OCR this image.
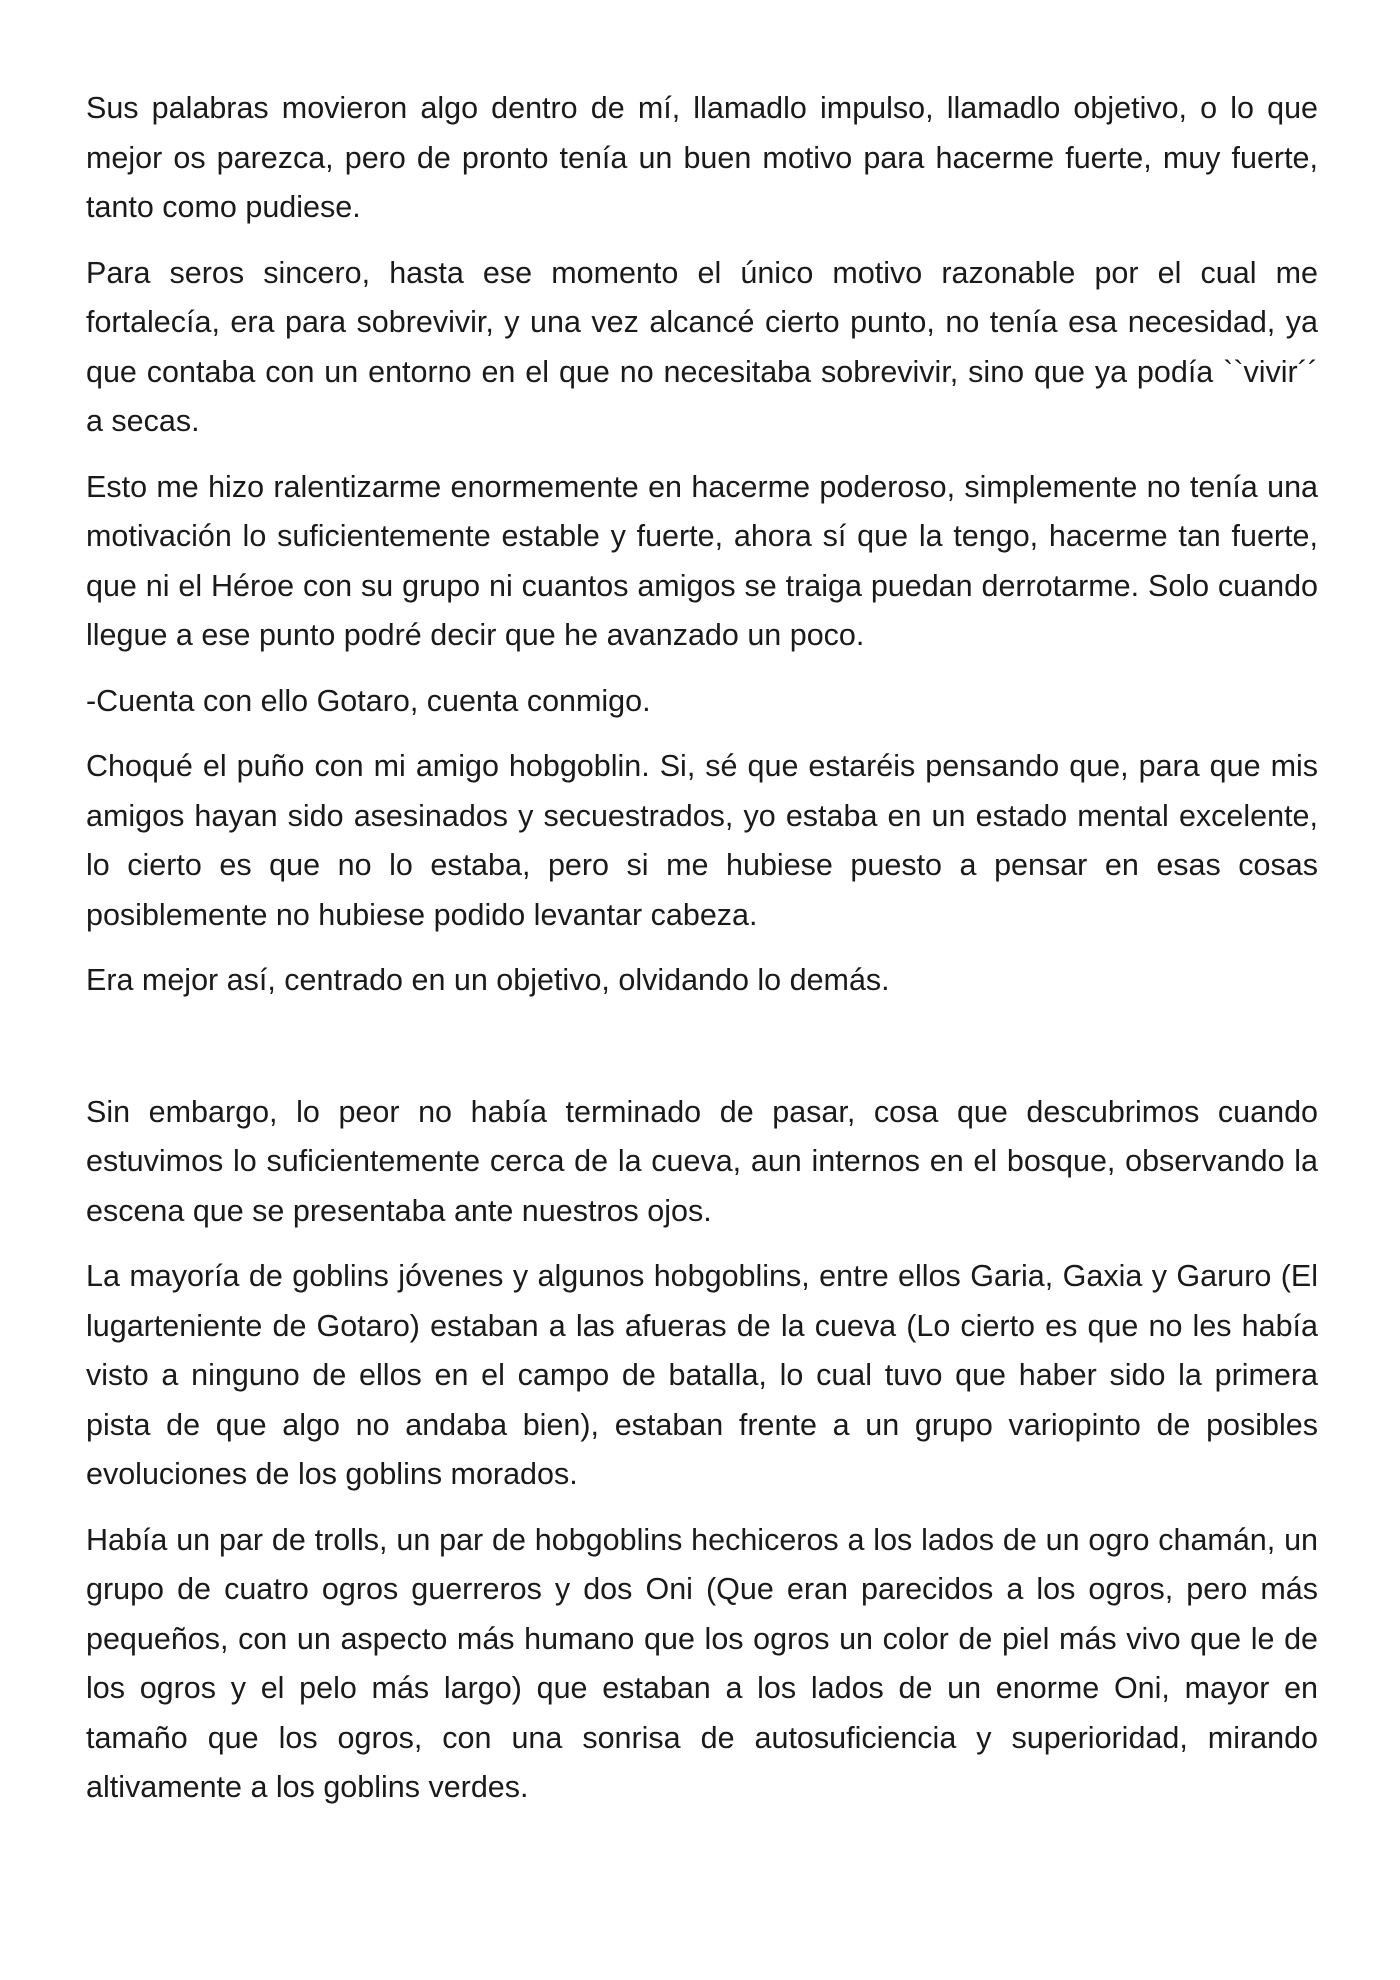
Sus palabras movieron algo dentro de mí, llamadlo impulso, llamadlo objetivo, o lo que mejor os parezca, pero de pronto tenía un buen motivo para hacerme fuerte, muy fuerte, tanto como pudiese.

Para seros sincero, hasta ese momento el único motivo razonable por el cual me fortalecía, era para sobrevivir, y una vez alcancé cierto punto, no tenía esa necesidad, ya que contaba con un entorno en el que no necesitaba sobrevivir, sino que ya podía ``vivir´´ a secas.

Esto me hizo ralentizarme enormemente en hacerme poderoso, simplemente no tenía una motivación lo suficientemente estable y fuerte, ahora sí que la tengo, hacerme tan fuerte, que ni el Héroe con su grupo ni cuantos amigos se traiga puedan derrotarme. Solo cuando llegue a ese punto podré decir que he avanzado un poco.

-Cuenta con ello Gotaro, cuenta conmigo.

Choqué el puño con mi amigo hobgoblin. Si, sé que estaréis pensando que, para que mis amigos hayan sido asesinados y secuestrados, yo estaba en un estado mental excelente, lo cierto es que no lo estaba, pero si me hubiese puesto a pensar en esas cosas posiblemente no hubiese podido levantar cabeza.

Era mejor así, centrado en un objetivo, olvidando lo demás.

Sin embargo, lo peor no había terminado de pasar, cosa que descubrimos cuando estuvimos lo suficientemente cerca de la cueva, aun internos en el bosque, observando la escena que se presentaba ante nuestros ojos.

La mayoría de goblins jóvenes y algunos hobgoblins, entre ellos Garia, Gaxia y Garuro (El lugarteniente de Gotaro) estaban a las afueras de la cueva (Lo cierto es que no les había visto a ninguno de ellos en el campo de batalla, lo cual tuvo que haber sido la primera pista de que algo no andaba bien), estaban frente a un grupo variopinto de posibles evoluciones de los goblins morados.

Había un par de trolls, un par de hobgoblins hechiceros a los lados de un ogro chamán, un grupo de cuatro ogros guerreros y dos Oni (Que eran parecidos a los ogros, pero más pequeños, con un aspecto más humano que los ogros un color de piel más vivo que le de los ogros y el pelo más largo) que estaban a los lados de un enorme Oni, mayor en tamaño que los ogros, con una sonrisa de autosuficiencia y superioridad, mirando altivamente a los goblins verdes.
